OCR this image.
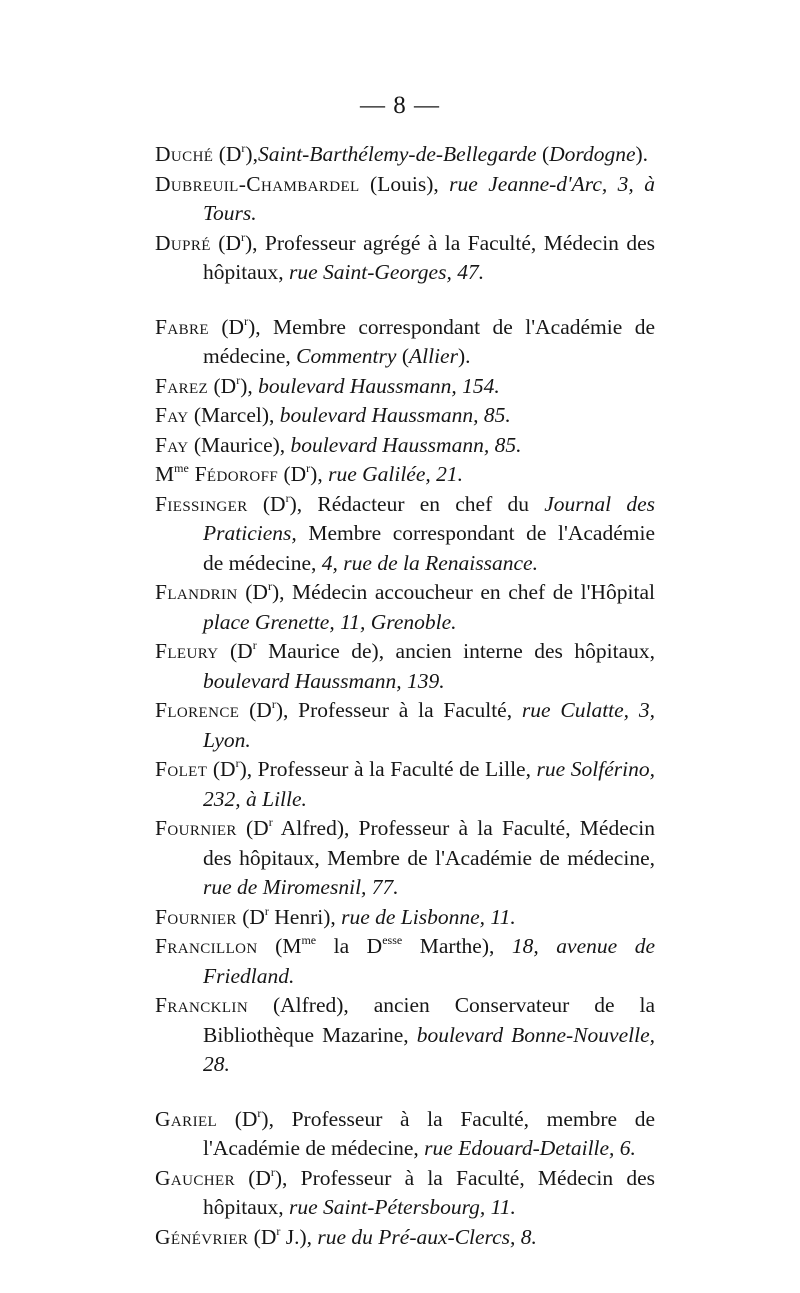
— 8 —

Duché $(D^r),Saint-Barthélemy-de$-Bellegarde (Dordogne).

Dubreuil-Chambardel (Louis), rue Jeanne-d'Arc, 3, à Tours.

Dupré $(D^r)$, Professeur agrégé à la Faculté, Médecin des hôpitaux, rue Saint-Georges, 47.

Fabre $(D^r)$, Membre correspondant de l'Académie de médecine, Commentry (Allier).

Farez $(D^r)$, boulevard Haussmann, 154.

Fay (Marcel), boulevard Haussmann, 85.

Fay (Maurice), boulevard Haussmann, 85.

$M^{me}$ Fédoroff $(D^r)$, rue Galilée, 21.

Fiessinger $(D^r)$, Rédacteur en chef du Journal des Praticiens, Membre correspondant de l'Académie de médecine, 4, rue de la Renaissance.

Flandrin $(D^r)$, Médecin accoucheur en chef de l'Hôpital place Grenette, 11, Grenoble.

Fleury ($D^r$ Maurice de), ancien interne des hôpitaux, boulevard Haussmann, 139.

Florence $(D^r)$, Professeur à la Faculté, rue Culatte, 3, Lyon.

Folet $(D^r)$, Professeur à la Faculté de Lille, rue Solférino, 232, à Lille.

Fournier ($D^r$ Alfred), Professeur à la Faculté, Médecin des hôpitaux, Membre de l'Académie de médecine, rue de Miromesnil, 77.

Fournier ($D^r$ Henri), rue de Lisbonne, 11.

Francillon ($M^{me}$ la $D^{esse}$ Marthe), 18, avenue de Friedland.

Francklin (Alfred), ancien Conservateur de la Bibliothèque Mazarine, boulevard Bonne-Nouvelle, 28.

Gariel $(D^r)$, Professeur à la Faculté, membre de l'Académie de médecine, rue Edouard-Detaille, 6.

Gaucher $(D^r)$, Professeur à la Faculté, Médecin des hôpitaux, rue Saint-Pétersbourg, 11.

Génévrier ($D^r$ J.), rue du Pré-aux-Clercs, 8.
